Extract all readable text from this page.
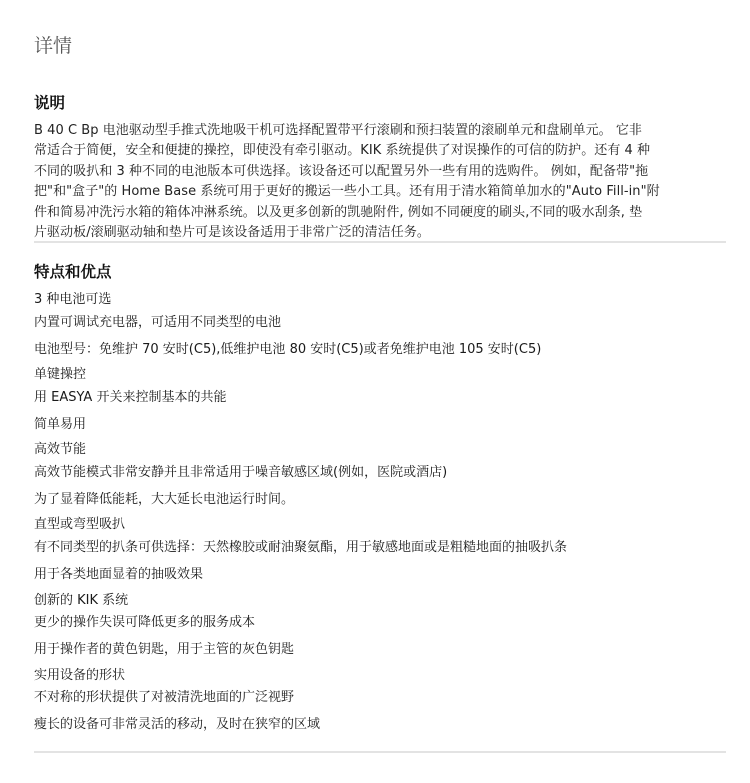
详情
说明
B 40 C Bp 电池驱动型手推式洗地吸干机可选择配置带平行滚刷和预扫装置的滚刷单元和盘刷单元。 它非
常适合于简便，安全和便捷的操控，即使没有牵引驱动。KIK 系统提供了对误操作的可信的防护。还有 4 种
不同的吸扒和 3 种不同的电池版本可供选择。该设备还可以配置另外一些有用的选购件。 例如，配备带"拖
把"和"盒子"的 Home Base 系统可用于更好的搬运一些小工具。还有用于清水箱简单加水的"Auto Fill-in"附
件和简易冲洗污水箱的箱体冲淋系统。以及更多创新的凯驰附件, 例如不同硬度的刷头,不同的吸水刮条, 垫
片驱动板/滚刷驱动轴和垫片可是该设备适用于非常广泛的清洁任务。
特点和优点
3 种电池可选
内置可调试充电器，可适用不同类型的电池
电池型号：免维护 70 安时(C5),低维护电池 80 安时(C5)或者免维护电池 105 安时(C5)
单键操控
用 EASYA 开关来控制基本的共能
简单易用
高效节能
高效节能模式非常安静并且非常适用于噪音敏感区域(例如，医院或酒店)
为了显着降低能耗，大大延长电池运行时间。
直型或弯型吸扒
有不同类型的扒条可供选择：天然橡胶或耐油聚氨酯，用于敏感地面或是粗糙地面的抽吸扒条
用于各类地面显着的抽吸效果
创新的 KIK 系统
更少的操作失误可降低更多的服务成本
用于操作者的黄色钥匙，用于主管的灰色钥匙
实用设备的形状
不对称的形状提供了对被清洗地面的广泛视野
瘦长的设备可非常灵活的移动，及时在狭窄的区域
